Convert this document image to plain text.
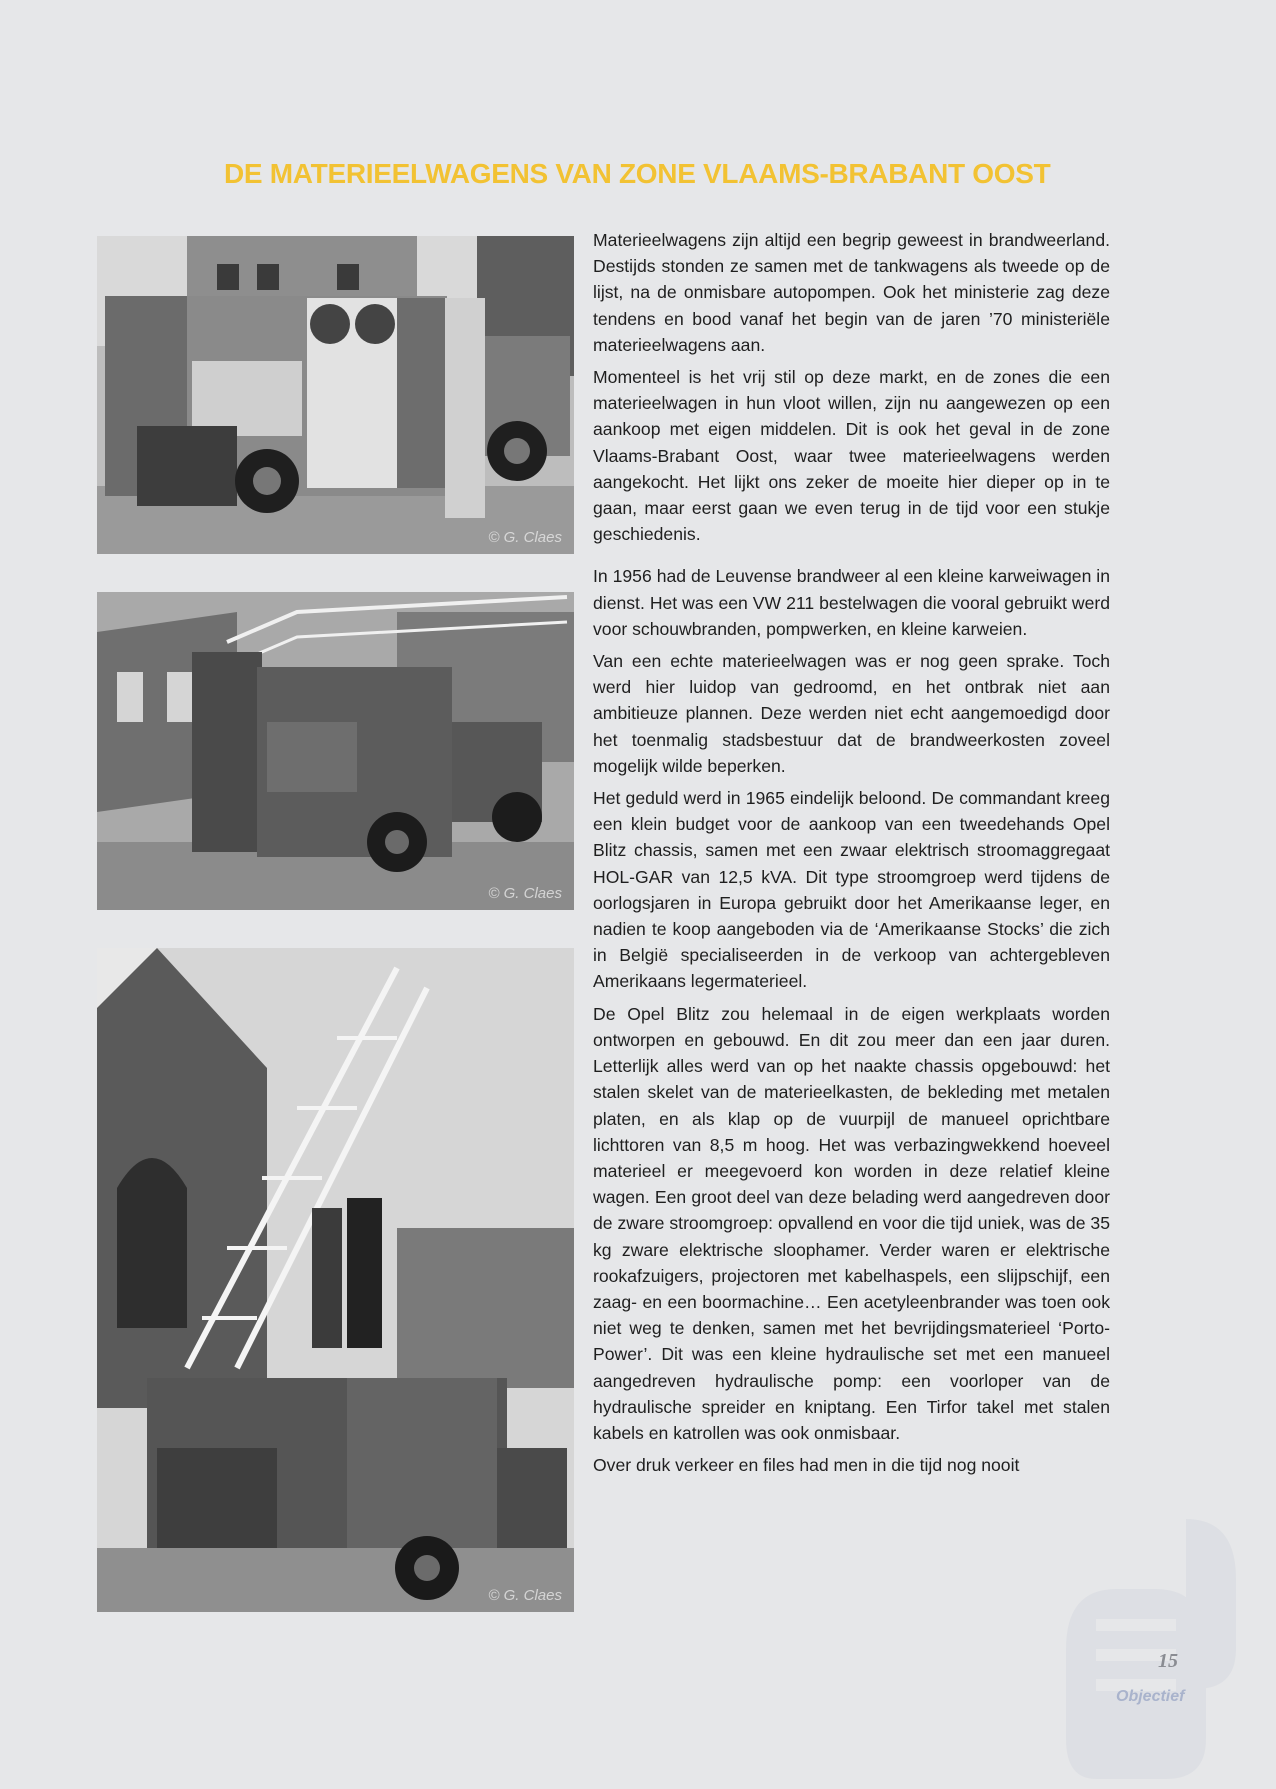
DE MATERIEELWAGENS VAN ZONE VLAAMS-BRABANT OOST
© G. Claes
© G. Claes
© G. Claes

Materieelwagens zijn altijd een begrip geweest in brandweerland. Destijds stonden ze samen met de tankwagens als tweede op de lijst, na de onmisbare autopompen. Ook het ministerie zag deze tendens en bood vanaf het begin van de jaren ’70 ministeriële materieelwagens aan.

Momenteel is het vrij stil op deze markt, en de zones die een materieelwagen in hun vloot willen, zijn nu aangewezen op een aankoop met eigen middelen. Dit is ook het geval in de zone Vlaams-Brabant Oost, waar twee materieelwagens werden aangekocht. Het lijkt ons zeker de moeite hier dieper op in te gaan, maar eerst gaan we even terug in de tijd voor een stukje geschiedenis.

In 1956 had de Leuvense brandweer al een kleine karweiwagen in dienst. Het was een VW 211 bestelwagen die vooral gebruikt werd voor schouwbranden, pompwerken, en kleine karweien.

Van een echte materieelwagen was er nog geen sprake. Toch werd hier luidop van gedroomd, en het ontbrak niet aan ambitieuze plannen. Deze werden niet echt aangemoedigd door het toenmalig stadsbestuur dat de brandweerkosten zoveel mogelijk wilde beperken.

Het geduld werd in 1965 eindelijk beloond. De commandant kreeg een klein budget voor de aankoop van een tweedehands Opel Blitz chassis, samen met een zwaar elektrisch stroomaggregaat HOL-GAR van 12,5 kVA. Dit type stroomgroep werd tijdens de oorlogsjaren in Europa gebruikt door het Amerikaanse leger, en nadien te koop aangeboden via de ‘Amerikaanse Stocks’ die zich in België specialiseerden in de verkoop van achtergebleven Amerikaans legermaterieel.

De Opel Blitz zou helemaal in de eigen werkplaats worden ontworpen en gebouwd. En dit zou meer dan een jaar duren. Letterlijk alles werd van op het naakte chassis opgebouwd: het stalen skelet van de materieelkasten, de bekleding met metalen platen, en als klap op de vuurpijl de manueel oprichtbare lichttoren van 8,5 m hoog. Het was verbazingwekkend hoeveel materieel er meegevoerd kon worden in deze relatief kleine wagen. Een groot deel van deze belading werd aangedreven door de zware stroomgroep: opvallend en voor die tijd uniek, was de 35 kg zware elektrische sloophamer. Verder waren er elektrische rookafzuigers, projectoren met kabelhaspels, een slijpschijf, een zaag- en een boormachine… Een acetyleenbrander was toen ook niet weg te denken, samen met het bevrijdingsmaterieel ‘Porto-Power’. Dit was een kleine hydraulische set met een manueel aangedreven hydraulische pomp: een voorloper van de hydraulische spreider en kniptang. Een Tirfor takel met stalen kabels en katrollen was ook onmisbaar.

Over druk verkeer en files had men in die tijd nog nooit

15
Objectief
